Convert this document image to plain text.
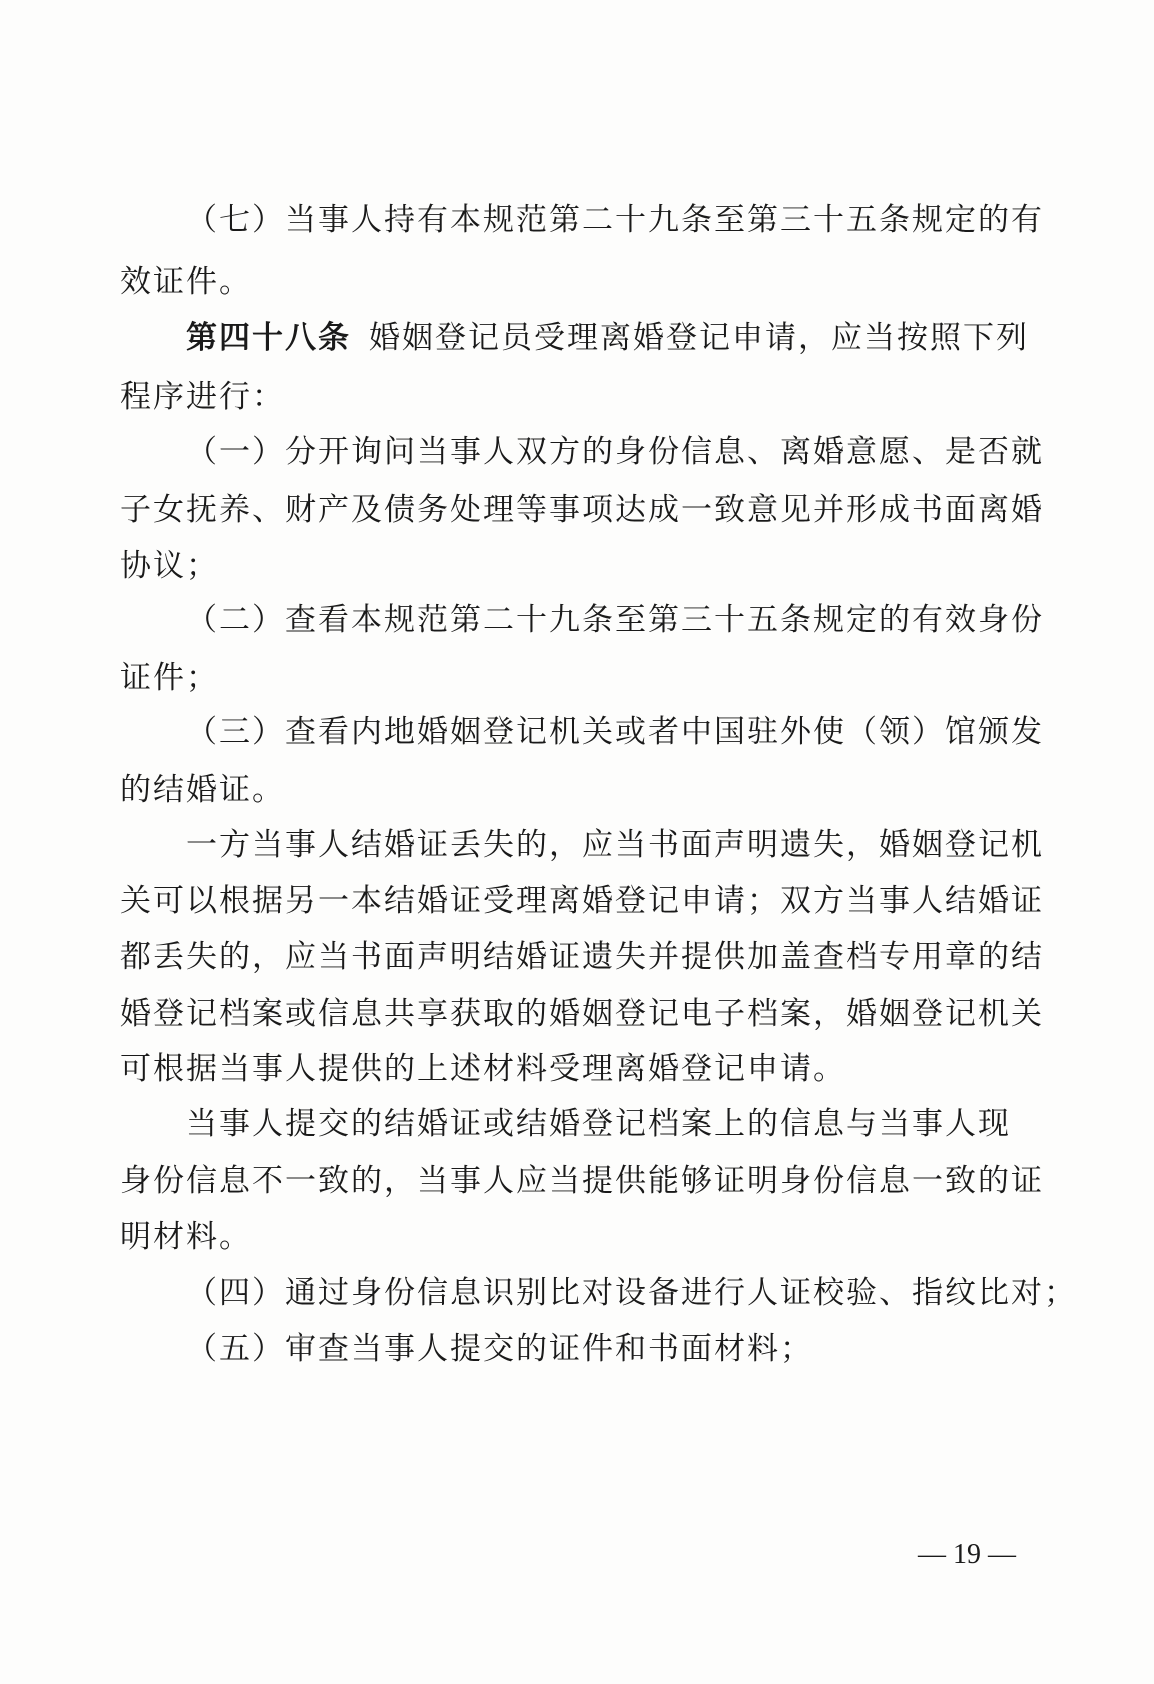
（七）当事人持有本规范第二十九条至第三十五条规定的有
效证件。
第四十八条 婚姻登记员受理离婚登记申请，应当按照下列
程序进行：
（一）分开询问当事人双方的身份信息、离婚意愿、是否就
子女抚养、财产及债务处理等事项达成一致意见并形成书面离婚
协议；
（二）查看本规范第二十九条至第三十五条规定的有效身份
证件；
（三）查看内地婚姻登记机关或者中国驻外使（领）馆颁发
的结婚证。
一方当事人结婚证丢失的，应当书面声明遗失，婚姻登记机
关可以根据另一本结婚证受理离婚登记申请；双方当事人结婚证
都丢失的，应当书面声明结婚证遗失并提供加盖查档专用章的结
婚登记档案或信息共享获取的婚姻登记电子档案，婚姻登记机关
可根据当事人提供的上述材料受理离婚登记申请。
当事人提交的结婚证或结婚登记档案上的信息与当事人现
身份信息不一致的，当事人应当提供能够证明身份信息一致的证
明材料。
（四）通过身份信息识别比对设备进行人证校验、指纹比对；
（五）审查当事人提交的证件和书面材料；
— 19 —
